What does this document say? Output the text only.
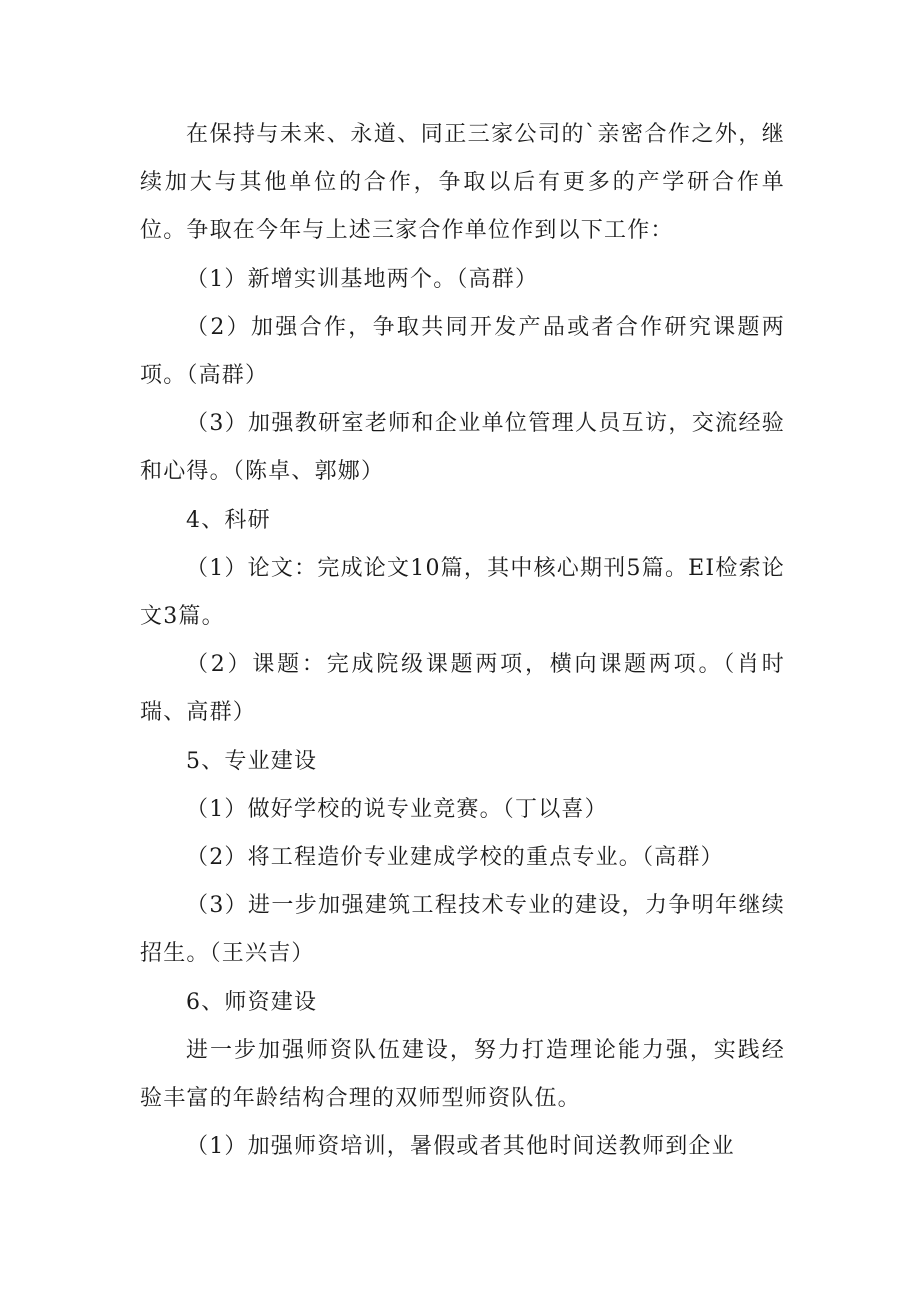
在保持与未来、永道、同正三家公司的`亲密合作之外，继续加大与其他单位的合作，争取以后有更多的产学研合作单位。争取在今年与上述三家合作单位作到以下工作：

（1）新增实训基地两个。（高群）

（2）加强合作，争取共同开发产品或者合作研究课题两项。（高群）

（3）加强教研室老师和企业单位管理人员互访，交流经验和心得。（陈卓、郭娜）

4、科研

（1）论文：完成论文10篇，其中核心期刊5篇。EI检索论文3篇。

（2）课题：完成院级课题两项，横向课题两项。（肖时瑞、高群）

5、专业建设

（1）做好学校的说专业竞赛。（丁以喜）

（2）将工程造价专业建成学校的重点专业。（高群）

（3）进一步加强建筑工程技术专业的建设，力争明年继续招生。（王兴吉）

6、师资建设

进一步加强师资队伍建设，努力打造理论能力强，实践经验丰富的年龄结构合理的双师型师资队伍。

（1）加强师资培训，暑假或者其他时间送教师到企业
